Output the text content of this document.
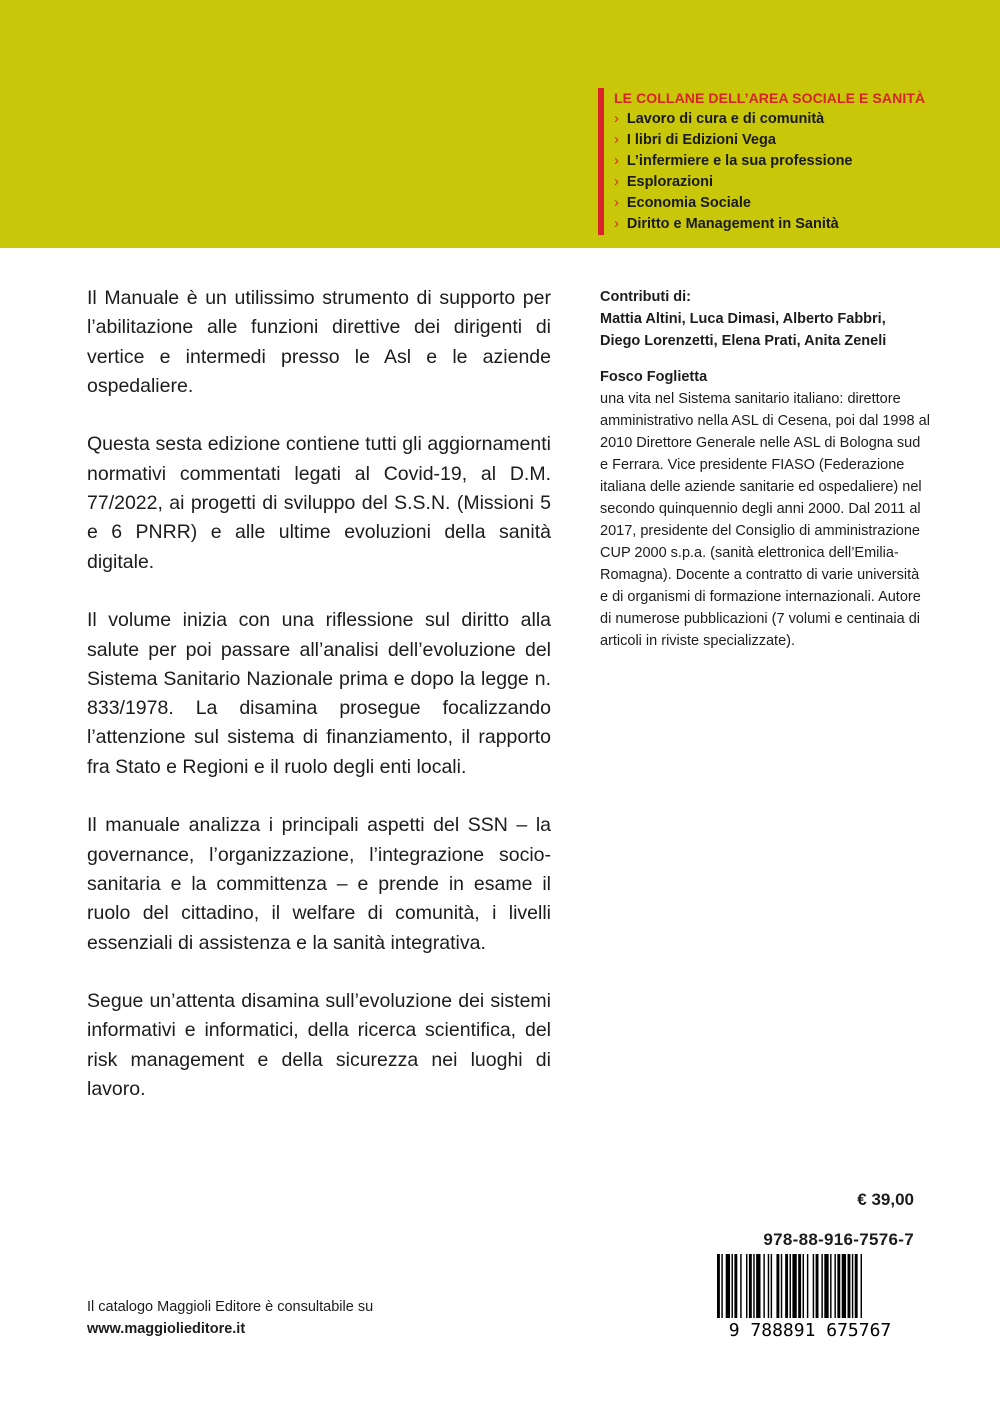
LE COLLANE DELL’AREA SOCIALE E SANITÀ
› Lavoro di cura e di comunità
› I libri di Edizioni Vega
› L’infermiere e la sua professione
› Esplorazioni
› Economia Sociale
› Diritto e Management in Sanità

Il Manuale è un utilissimo strumento di supporto per l’abilitazione alle funzioni direttive dei dirigenti di vertice e intermedi presso le Asl e le aziende ospedaliere.

Questa sesta edizione contiene tutti gli aggiornamenti normativi commentati legati al Covid-19, al D.M. 77/2022, ai progetti di sviluppo del S.S.N. (Missioni 5 e 6 PNRR) e alle ultime evoluzioni della sanità digitale.

Il volume inizia con una riflessione sul diritto alla salute per poi passare all’analisi dell’evoluzione del Sistema Sanitario Nazionale prima e dopo la legge n. 833/1978. La disamina prosegue focalizzando l’attenzione sul sistema di finanziamento, il rapporto fra Stato e Regioni e il ruolo degli enti locali.

Il manuale analizza i principali aspetti del SSN – la governance, l’organizzazione, l’integrazione socio-sanitaria e la committenza – e prende in esame il ruolo del cittadino, il welfare di comunità, i livelli essenziali di assistenza e la sanità integrativa.

Segue un’attenta disamina sull’evoluzione dei sistemi informativi e informatici, della ricerca scientifica, del risk management e della sicurezza nei luoghi di lavoro.

Contributi di:

Mattia Altini, Luca Dimasi, Alberto Fabbri, Diego Lorenzetti, Elena Prati, Anita Zeneli

Fosco Foglietta

una vita nel Sistema sanitario italiano: direttore amministrativo nella ASL di Cesena, poi dal 1998 al 2010 Direttore Generale nelle ASL di Bologna sud e Ferrara. Vice presidente FIASO (Federazione italiana delle aziende sanitarie ed ospedaliere) nel secondo quinquennio degli anni 2000. Dal 2011 al 2017, presidente del Consiglio di amministrazione CUP 2000 s.p.a. (sanità elettronica dell’Emilia-Romagna). Docente a contratto di varie università e di organismi di formazione internazionali. Autore di numerose pubblicazioni (7 volumi e centinaia di articoli in riviste specializzate).

€ 39,00
978-88-916-7576-7
9 788891 675767
Il catalogo Maggioli Editore è consultabile su
www.maggiolieditore.it
